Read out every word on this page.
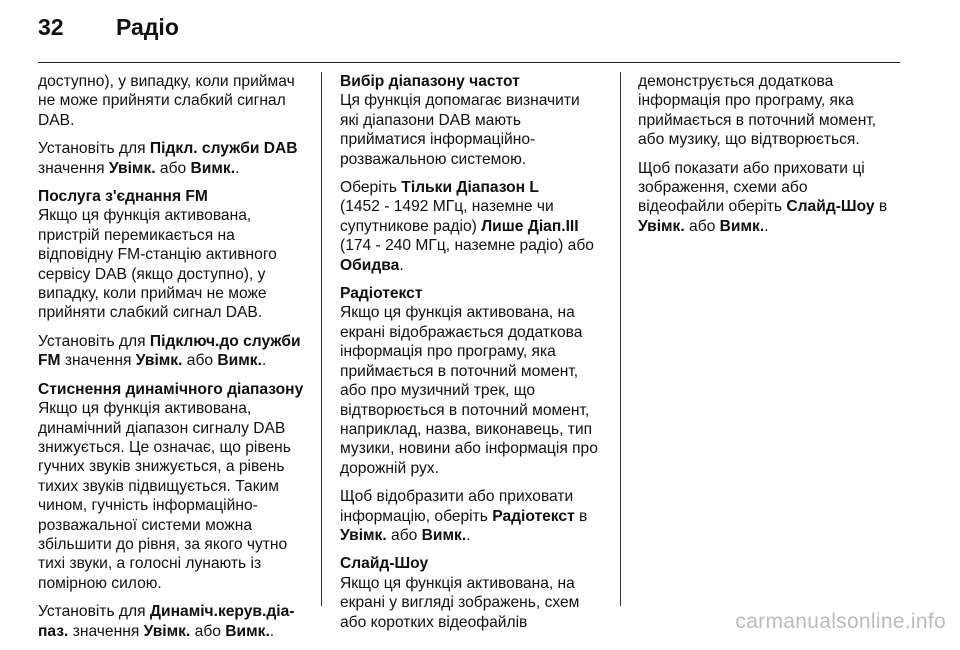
32 Радіо

доступно), у випадку, коли приймач
не може прийняти слабкий сигнал
DAB.

Установіть для Підкл. служби DAB
значення Увімк. або Вимк..

Послуга з'єднання FM
Якщо ця функція активована,
пристрій перемикається на
відповідну FM-станцію активного
сервісу DAB (якщо доступно), у
випадку, коли приймач не може
прийняти слабкий сигнал DAB.

Установіть для Підключ.до служби
FM значення Увімк. або Вимк..

Стиснення динамічного діапазону
Якщо ця функція активована,
динамічний діапазон сигналу DAB
знижується. Це означає, що рівень
гучних звуків знижується, а рівень
тихих звуків підвищується. Таким
чином, гучність інформаційно-
розважальної системи можна
збільшити до рівня, за якого чутно
тихі звуки, а голосні лунають із
помірною силою.

Установіть для Динаміч.керув.діа-
паз. значення Увімк. або Вимк..

Вибір діапазону частот
Ця функція допомагає визначити
які діапазони DAB мають
прийматися інформаційно-
розважальною системою.

Оберіть Тільки Діапазон L
(1452 - 1492 МГц, наземне чи
супутникове радіо) Лише Діап.III
(174 - 240 МГц, наземне радіо) або
Обидва.

Радіотекст
Якщо ця функція активована, на
екрані відображається додаткова
інформація про програму, яка
приймається в поточний момент,
або про музичний трек, що
відтворюється в поточний момент,
наприклад, назва, виконавець, тип
музики, новини або інформація про
дорожній рух.

Щоб відобразити або приховати
інформацію, оберіть Радіотекст в
Увімк. або Вимк..

Слайд-Шоу
Якщо ця функція активована, на
екрані у вигляді зображень, схем
або коротких відеофайлів

демонструється додаткова
інформація про програму, яка
приймається в поточний момент,
або музику, що відтворюється.

Щоб показати або приховати ці
зображення, схеми або
відеофайли оберіть Слайд-Шоу в
Увімк. або Вимк..

carmanualsonline.info
